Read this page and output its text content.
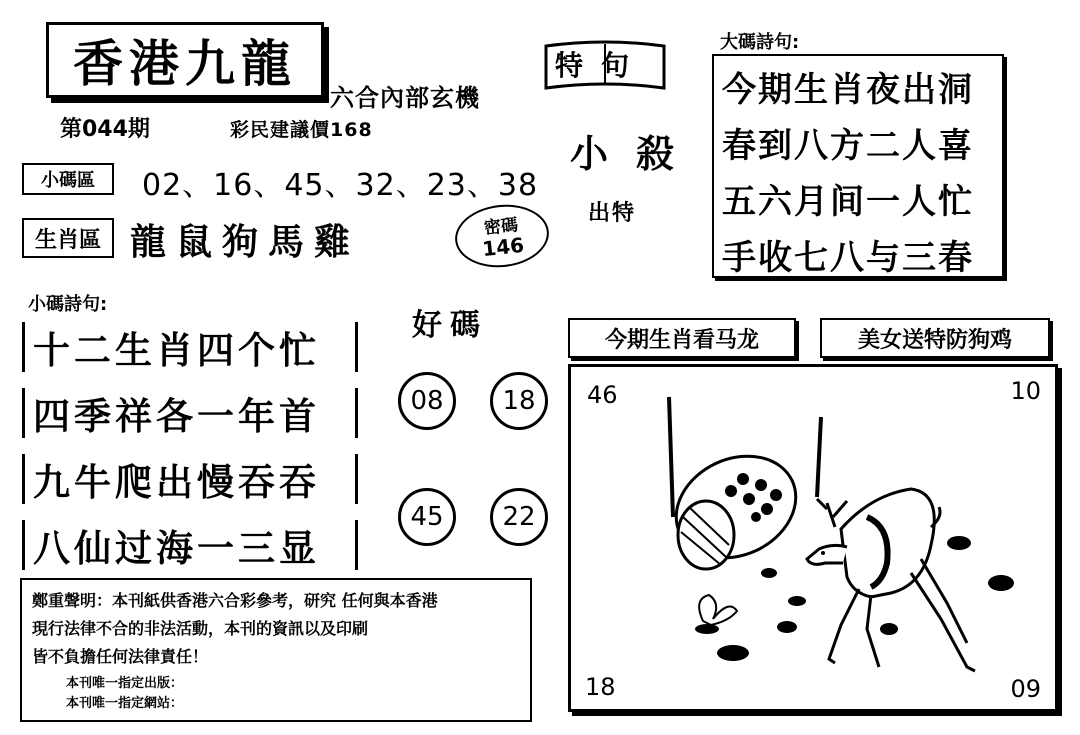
香港九龍
六合內部玄機
第044期	彩民建議價168
小碼區 02、16、45、32、23、38
生肖區 龍鼠狗馬雞	密碼
146
特句
小殺
出特
大碼詩句:
今期生肖夜出洞
春到八方二人喜
五六月间一人忙
手收七八与三春
小碼詩句:
十二生肖四个忙
四季祥各一年首
九牛爬出慢吞吞
八仙过海一三显
好碼
08	18
45	22
今期生肖看马龙	美女送特防狗鸡
46	10
18	09
鄭重聲明：本刊紙供香港六合彩參考，研究 任何與本香港
現行法律不合的非法活動，本刊的資訊以及印刷
皆不負擔任何法律責任！
本刊唯一指定出版：
本刊唯一指定網站：
